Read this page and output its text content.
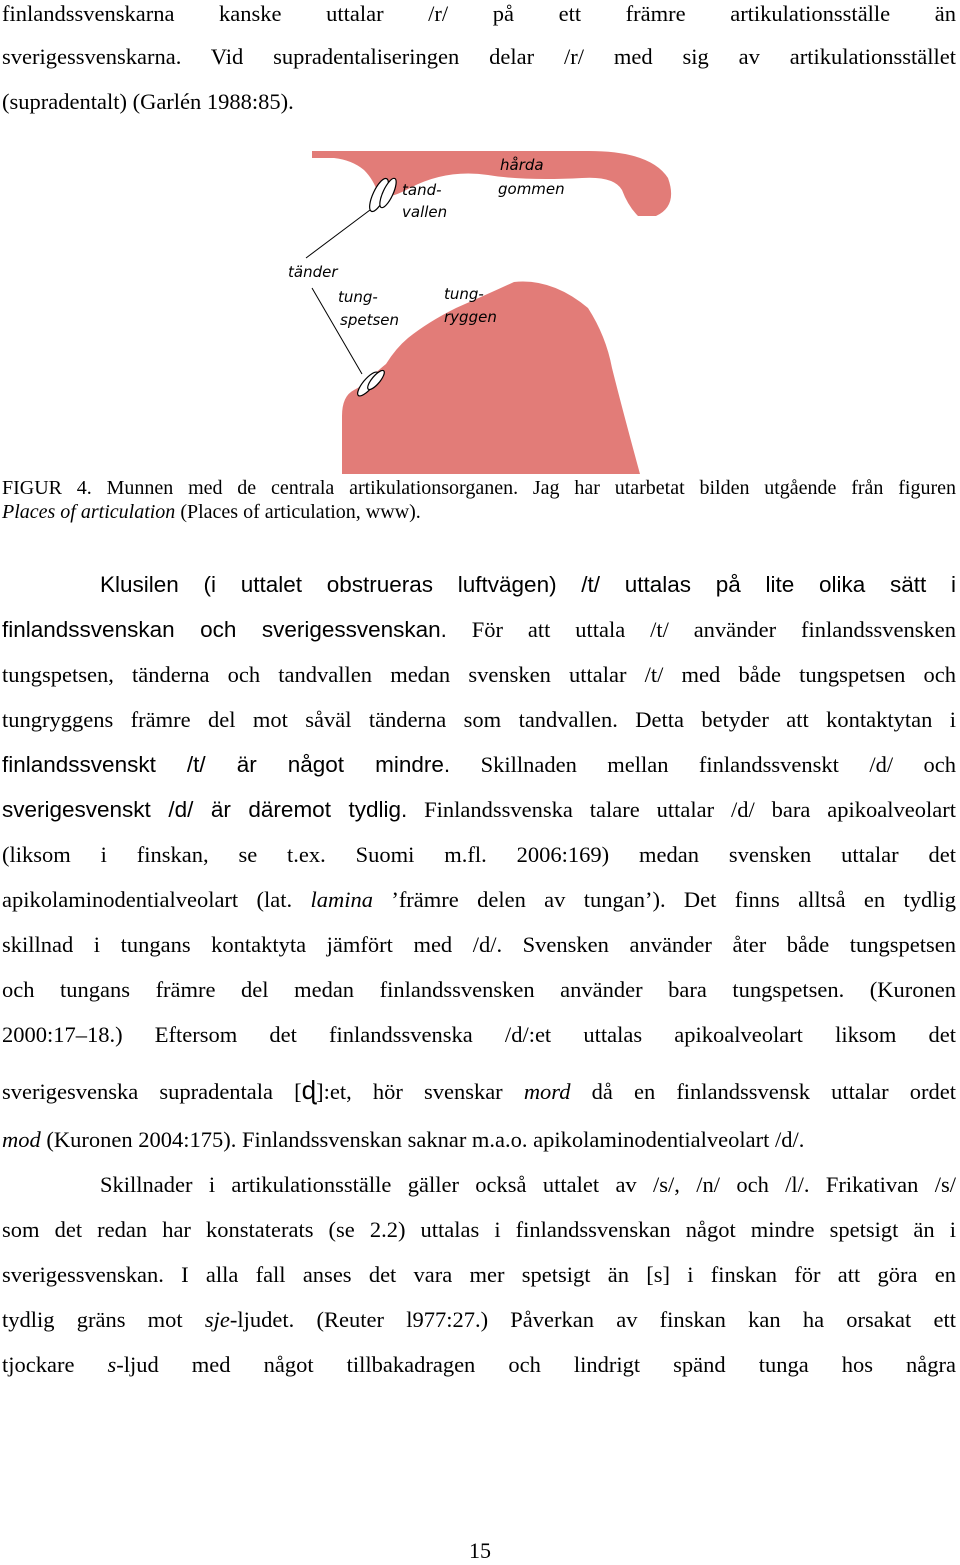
finlandssvenskarna kanske uttalar /r/ på ett främre artikulationsställe än
sverigessvenskarna. Vid supradentaliseringen delar /r/ med sig av artikulationsstället
(supradentalt) (Garlén 1988:85).
hårda
gommen
tand-
vallen
tänder
tung-
spetsen
tung-
ryggen
FIGUR 4. Munnen med de centrala artikulationsorganen. Jag har utarbetat bilden utgående från figuren
Places of articulation (Places of articulation, www).
Klusilen (i uttalet obstrueras luftvägen) /t/ uttalas på lite olika sätt i
finlandssvenskan och sverigessvenskan. För att uttala /t/ använder finlandssvensken
tungspetsen, tänderna och tandvallen medan svensken uttalar /t/ med både tungspetsen och
tungryggens främre del mot såväl tänderna som tandvallen. Detta betyder att kontaktytan i
finlandssvenskt /t/ är något mindre. Skillnaden mellan finlandssvenskt /d/ och
sverigesvenskt /d/ är däremot tydlig. Finlandssvenska talare uttalar /d/ bara apikoalveolart
(liksom i finskan, se t.ex. Suomi m.fl. 2006:169) medan svensken uttalar det
apikolaminodentialveolart (lat. lamina ’främre delen av tungan’). Det finns alltså en tydlig
skillnad i tungans kontaktyta jämfört med /d/. Svensken använder åter både tungspetsen
och tungans främre del medan finlandssvensken använder bara tungspetsen. (Kuronen
2000:17–18.) Eftersom det finlandssvenska /d/:et uttalas apikoalveolart liksom det
sverigesvenska supradentala [ɖ]:et, hör svenskar mord då en finlandssvensk uttalar ordet
mod (Kuronen 2004:175). Finlandssvenskan saknar m.a.o. apikolaminodentialveolart /d/.
Skillnader i artikulationsställe gäller också uttalet av /s/, /n/ och /l/. Frikativan /s/
som det redan har konstaterats (se 2.2) uttalas i finlandssvenskan något mindre spetsigt än i
sverigessvenskan. I alla fall anses det vara mer spetsigt än [s] i finskan för att göra en
tydlig gräns mot sje-ljudet. (Reuter l977:27.) Påverkan av finskan kan ha orsakat ett
tjockare s-ljud med något tillbakadragen och lindrigt spänd tunga hos några
15
